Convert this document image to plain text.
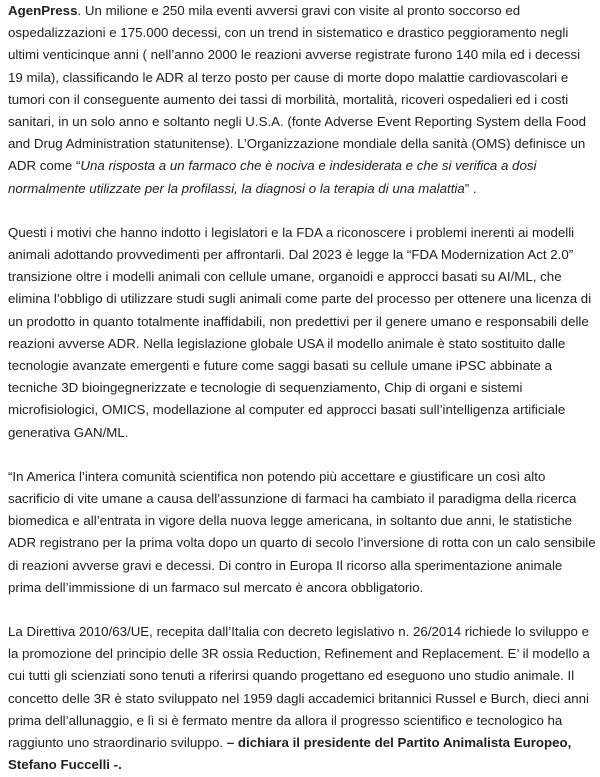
AgenPress. Un milione e 250 mila eventi avversi gravi con visite al pronto soccorso ed ospedalizzazioni e 175.000 decessi, con un trend in sistematico e drastico peggioramento negli ultimi venticinque anni ( nell’anno 2000 le reazioni avverse registrate furono 140 mila ed i decessi 19 mila), classificando le ADR al terzo posto per cause di morte dopo malattie cardiovascolari e tumori con il conseguente aumento dei tassi di morbilità, mortalità, ricoveri ospedalieri ed i costi sanitari, in un solo anno e soltanto negli U.S.A. (fonte Adverse Event Reporting System della Food and Drug Administration statunitense). L’Organizzazione mondiale della sanità (OMS) definisce un ADR come “Una risposta a un farmaco che è nociva e indesiderata e che si verifica a dosi normalmente utilizzate per la profilassi, la diagnosi o la terapia di una malattia” .

Questi i motivi che hanno indotto i legislatori e la FDA a riconoscere i problemi inerenti ai modelli animali adottando provvedimenti per affrontarli. Dal 2023 è legge la “FDA Modernization Act 2.0” transizione oltre i modelli animali con cellule umane, organoidi e approcci basati su AI/ML, che elimina l’obbligo di utilizzare studi sugli animali come parte del processo per ottenere una licenza di un prodotto in quanto totalmente inaffidabili, non predettivi per il genere umano e responsabili delle reazioni avverse ADR. Nella legislazione globale USA il modello animale è stato sostituito dalle tecnologie avanzate emergenti e future come saggi basati su cellule umane iPSC abbinate a tecniche 3D bioingegnerizzate e tecnologie di sequenziamento, Chip di organi e sistemi microfisiologici, OMICS, modellazione al computer ed approcci basati sull’intelligenza artificiale generativa GAN/ML.

“In America l’intera comunità scientifica non potendo più accettare e giustificare un così alto sacrificio di vite umane a causa dell’assunzione di farmaci ha cambiato il paradigma della ricerca biomedica e all’entrata in vigore della nuova legge americana, in soltanto due anni, le statistiche ADR registrano per la prima volta dopo un quarto di secolo l’inversione di rotta con un calo sensibile di reazioni avverse gravi e decessi. Di contro in Europa Il ricorso alla sperimentazione animale prima dell’immissione di un farmaco sul mercato è ancora obbligatorio.

La Direttiva 2010/63/UE, recepita dall’Italia con decreto legislativo n. 26/2014 richiede lo sviluppo e la promozione del principio delle 3R ossia Reduction, Refinement and Replacement. E’ il modello a cui tutti gli scienziati sono tenuti a riferirsi quando progettano ed eseguono uno studio animale. Il concetto delle 3R è stato sviluppato nel 1959 dagli accademici britannici Russel e Burch, dieci anni prima dell’allunaggio, e lì si è fermato mentre da allora il progresso scientifico e tecnologico ha raggiunto uno straordinario sviluppo. – dichiara il presidente del Partito Animalista Europeo, Stefano Fuccelli -.
